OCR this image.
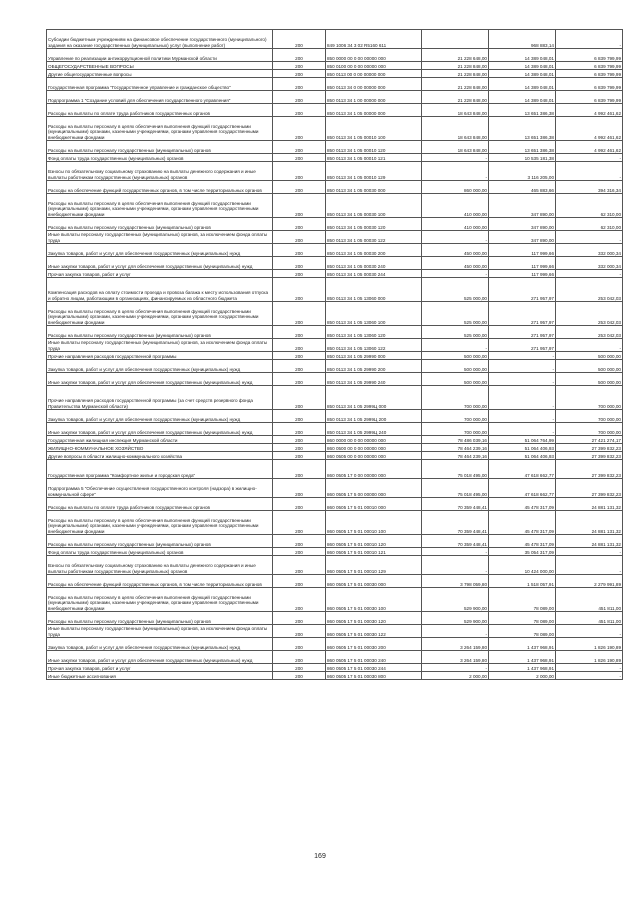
Субсидии бюджетным учреждениям на финансовое обеспечение государственного (муниципального) задания на оказание государственных (муниципальных) услуг (выполнение работ)	200	849 1006 34 3 02 R5160 611		968 883,14	-
Управление по реализации антикоррупционной политики Мурманской области	200	850 0000 00 0 00 00000 000	21 228 648,00	14 389 048,01	6 839 799,99
ОБЩЕГОСУДАРСТВЕННЫЕ ВОПРОСЫ	200	850 0100 00 0 00 00000 000	21 228 848,00	14 389 048,01	6 839 799,99
Другие общегосударственные вопросы	200	850 0113 00 0 00 00000 000	21 228 848,00	14 389 048,01	6 839 799,99
Государственная программа "Государственное управление и гражданское общество"	200	850 0113 34 0 00 00000 000	21 228 848,00	14 389 048,01	6 839 799,99
Подпрограмма 1 "Создание условий для обеспечения государственного управления"	200	850 0113 34 1 00 00000 000	21 228 848,00	14 389 048,01	6 839 799,99
Расходы на выплаты по оплате труда работников государственных органов	200	850 0113 34 1 05 00000 000	18 643 848,00	13 651 386,38	4 992 461,62
Расходы на выплаты персоналу в целях обеспечения выполнения функций государственными (муниципальными) органами, казенными учреждениями, органами управления государственными внебюджетными фондами	200	850 0113 34 1 05 00010 100	18 643 848,00	13 651 386,38	4 992 461,62
Расходы на выплаты персоналу государственных (муниципальных) органов	200	850 0113 34 1 05 00010 120	18 643 848,00	13 651 386,38	4 992 461,62
Фонд оплаты труда государственных (муниципальных) органов	200	850 0113 34 1 05 00010 121	-	10 535 181,38	-
Взносы по обязательному социальному страхованию на выплаты денежного содержания и иные выплаты работникам государственных (муниципальных) органов	200	850 0113 34 1 05 00010 129	-	3 116 205,00	-
Расходы на обеспечение функций государственных органов, в том числе территориальных органов	200	850 0113 34 1 05 00030 000	860 000,00	465 883,66	394 316,34
Расходы на выплаты персоналу в целях обеспечения выполнения функций государственными (муниципальными) органами, казенными учреждениями, органами управления государственными внебюджетными фондами	200	850 0113 34 1 05 00030 100	410 000,00	347 890,00	62 310,00
Расходы на выплаты персоналу государственных (муниципальных) органов	200	850 0113 34 1 05 00030 120	410 000,00	347 890,00	62 310,00
Иные выплаты персоналу государственных (муниципальных) органов, за исключением фонда оплаты труда	200	850 0113 34 1 05 00030 122	-	347 890,00	-
Закупка товаров, работ и услуг для обеспечения государственных (муниципальных) нужд	200	850 0113 34 1 05 00030 200	450 000,00	117 999,66	332 000,34
Иные закупки товаров, работ и услуг для обеспечения государственных (муниципальных) нужд	200	850 0113 34 1 05 00030 240	450 000,00	117 999,66	332 000,34
Прочая закупка товаров, работ и услуг	200	850 0113 34 1 05 00030 244	-	117 999,66	-
Компенсация расходов на оплату стоимости проезда и провоза багажа к месту использования отпуска и обратно лицам, работающим в организациях, финансируемых из областного бюджета	200	850 0113 34 1 05 13060 000	525 000,00	271 957,97	253 042,03
Расходы на выплаты персоналу в целях обеспечения выполнения функций государственными (муниципальными) органами, казенными учреждениями, органами управления государственными внебюджетными фондами	200	850 0113 34 1 05 13060 100	525 000,00	271 957,97	253 042,03
Расходы на выплаты персоналу государственных (муниципальных) органов	200	850 0113 34 1 05 13060 120	525 000,00	271 957,97	253 042,03
Иные выплаты персоналу государственных (муниципальных) органов, за исключением фонда оплаты труда	200	850 0113 34 1 05 13060 122	-	271 957,97	-
Прочие направления расходов государственной программы	200	850 0113 34 1 05 29990 000	500 000,00	-	500 000,00
Закупка товаров, работ и услуг для обеспечения государственных (муниципальных) нужд	200	850 0113 34 1 05 29990 200	500 000,00	-	500 000,00
Иные закупки товаров, работ и услуг для обеспечения государственных (муниципальных) нужд	200	850 0113 34 1 05 29990 240	500 000,00	-	500 000,00
Прочие направления расходов государственной программы (за счет средств резервного фонда Правительства Мурманской области)	200	850 0113 34 1 05 2999Ц 000	700 000,00	-	700 000,00
Закупка товаров, работ и услуг для обеспечения государственных (муниципальных) нужд	200	850 0113 34 1 05 2999Ц 200	700 000,00	-	700 000,00
Иные закупки товаров, работ и услуг для обеспечения государственных (муниципальных) нужд	200	850 0113 34 1 05 2999Ц 240	700 000,00	-	700 000,00
Государственная жилищная инспекция Мурманской области	200	860 0000 00 0 00 00000 000	78 486 039,16	51 064 764,99	27 421 274,17
ЖИЛИЩНО-КОММУНАЛЬНОЕ ХОЗЯЙСТВО	200	860 0500 00 0 00 00000 000	78 464 239,16	51 064 406,93	27 399 832,23
Другие вопросы в области жилищно-коммунального хозяйства	200	860 0505 00 0 00 00000 000	78 464 239,16	51 064 406,93	27 399 832,23
Государственная программа "Комфортное жилье и городская среда"	200	860 0505 17 0 00 00000 000	75 018 495,00	47 618 662,77	27 399 832,23
Подпрограмма 5 "Обеспечение осуществления государственного контроля (надзора) в жилищно-коммунальной сфере"	200	860 0505 17 5 00 00000 000	75 018 495,00	47 618 662,77	27 399 832,23
Расходы на выплаты по оплате труда работников государственных органов	200	860 0505 17 5 01 00010 000	70 359 448,41	45 478 317,09	24 881 131,32
Расходы на выплаты персоналу в целях обеспечения выполнения функций государственными (муниципальными) органами, казенными учреждениями, органами управления государственными внебюджетными фондами	200	860 0505 17 5 01 00010 100	70 359 448,41	45 478 317,09	24 881 131,32
Расходы на выплаты персоналу государственных (муниципальных) органов	200	860 0505 17 5 01 00010 120	70 359 448,41	45 478 317,09	24 881 131,32
Фонд оплаты труда государственных (муниципальных) органов	200	860 0505 17 5 01 00010 121	-	35 054 317,09	-
Взносы по обязательному социальному страхованию на выплаты денежного содержания и иные выплаты работникам государственных (муниципальных) органов	200	860 0505 17 5 01 00010 129	-	10 424 000,00	-
Расходы на обеспечение функций государственных органов, в том числе территориальных органов	200	860 0505 17 5 01 00030 000	3 798 059,80	1 518 057,91	2 279 991,89
Расходы на выплаты персоналу в целях обеспечения выполнения функций государственными (муниципальными) органами, казенными учреждениями, органами управления государственными внебюджетными фондами	200	860 0505 17 5 01 00030 100	529 900,00	78 089,00	451 811,00
Расходы на выплаты персоналу государственных (муниципальных) органов	200	860 0505 17 5 01 00030 120	529 900,00	78 089,00	451 811,00
Иные выплаты персоналу государственных (муниципальных) органов, за исключением фонда оплаты труда	200	860 0505 17 5 01 00030 122	-	78 089,00	-
Закупка товаров, работ и услуг для обеспечения государственных (муниципальных) нужд	200	860 0505 17 5 01 00030 200	3 264 159,80	1 437 968,91	1 826 190,89
Иные закупки товаров, работ и услуг для обеспечения государственных (муниципальных) нужд	200	860 0505 17 5 01 00030 240	3 264 159,80	1 437 968,91	1 826 190,89
Прочая закупка товаров, работ и услуг	200	860 0505 17 5 01 00030 244	-	1 437 968,91	-
Иные бюджетные ассигнования	200	860 0505 17 5 01 00030 800	2 000,00	2 000,00	-
169
